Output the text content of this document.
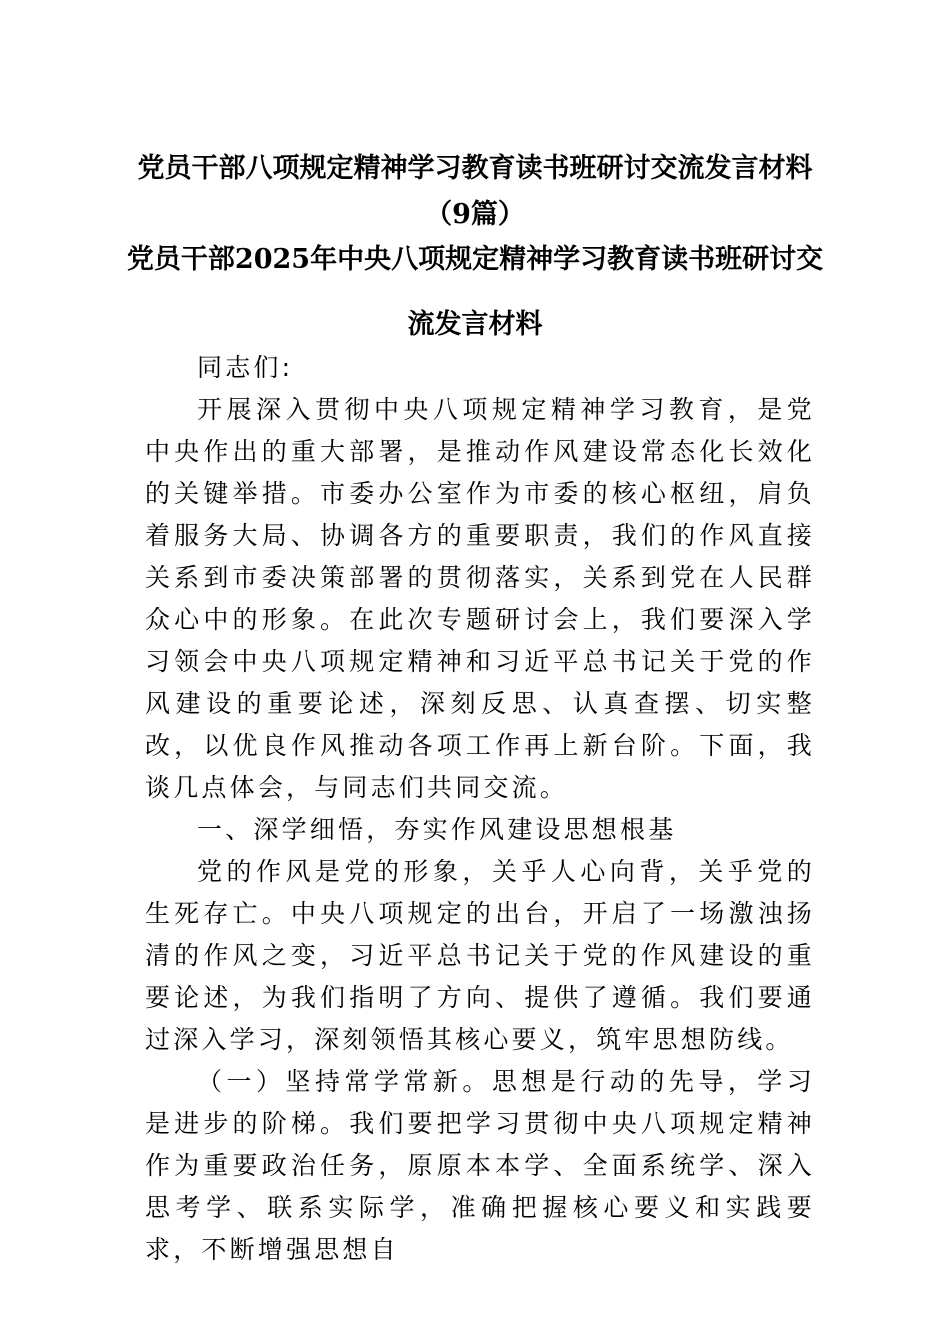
党员干部八项规定精神学习教育读书班研讨交流发言材料
（9篇）
党员干部2025年中央八项规定精神学习教育读书班研讨交
流发言材料

同志们:

开展深入贯彻中央八项规定精神学习教育，是党中央作出的重大部署，是推动作风建设常态化长效化的关键举措。市委办公室作为市委的核心枢纽，肩负着服务大局、协调各方的重要职责，我们的作风直接关系到市委决策部署的贯彻落实，关系到党在人民群众心中的形象。在此次专题研讨会上，我们要深入学习领会中央八项规定精神和习近平总书记关于党的作风建设的重要论述，深刻反思、认真查摆、切实整改，以优良作风推动各项工作再上新台阶。下面，我谈几点体会，与同志们共同交流。

一、深学细悟，夯实作风建设思想根基

党的作风是党的形象，关乎人心向背，关乎党的生死存亡。中央八项规定的出台，开启了一场激浊扬清的作风之变，习近平总书记关于党的作风建设的重要论述，为我们指明了方向、提供了遵循。我们要通过深入学习，深刻领悟其核心要义，筑牢思想防线。

（一）坚持常学常新。思想是行动的先导，学习是进步的阶梯。我们要把学习贯彻中央八项规定精神作为重要政治任务，原原本本学、全面系统学、深入思考学、联系实际学，准确把握核心要义和实践要求，不断增强思想自
